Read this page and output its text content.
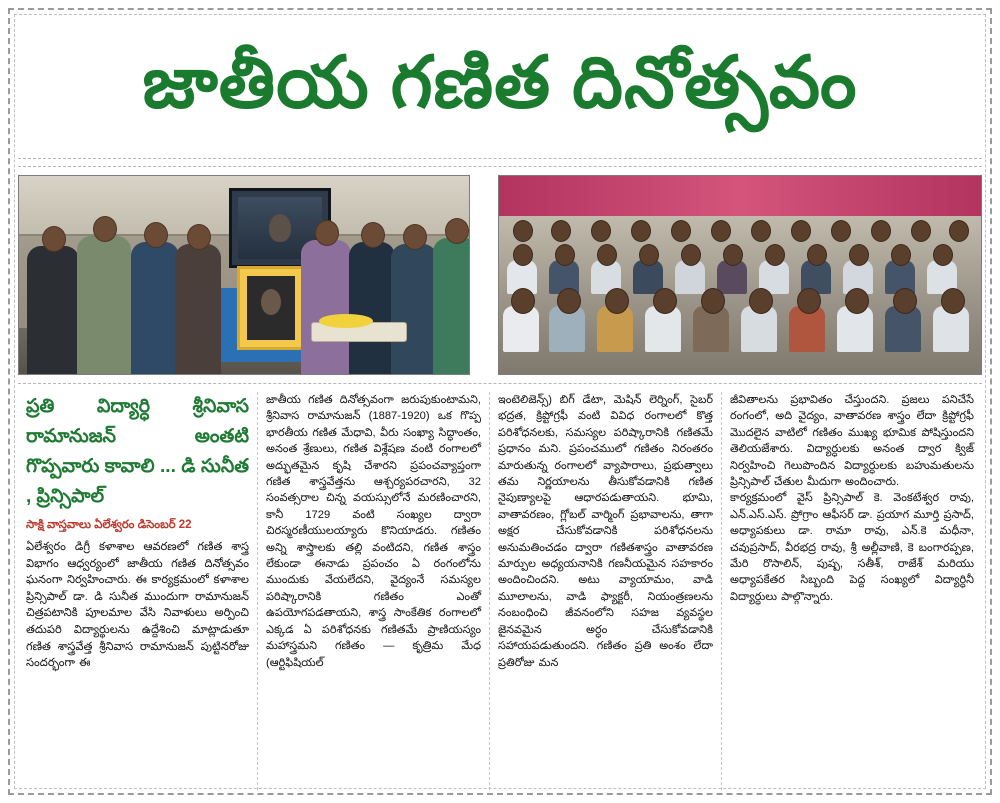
జాతీయ గణిత దినోత్సవం

ప్రతి విద్యార్ధి శ్రీనివాస రామానుజన్ అంతటి గొప్పవారు కావాలి ... డి సునీత , ప్రిన్సిపాల్

సాక్షి వాస్తవాలు ఏలేశ్వరం డిసెంబర్ 22

ఏలేశ్వరం డిగ్రీ కళాశాల ఆవరణలో గణిత శాస్త్ర విభాగం ఆధ్వర్యంలో జాతీయ గణిత దినోత్సవం ఘనంగా నిర్వహించారు. ఈ కార్యక్రమంలో కళాశాల ప్రిన్సిపాల్ డా. డి సునీత ముందుగా రామానుజన్ చిత్రపటానికి పూలమాల వేసి నివాళులు అర్పించి తదుపరి విద్యార్థులను ఉద్దేశించి మాట్లాడుతూ గణిత శాస్త్రవేత్త శ్రీనివాస రామానుజన్ పుట్టినరోజు సందర్భంగా ఈ

జాతీయ గణిత దినోత్సవంగా జరుపుకుంటామని, శ్రీనివాస రామానుజన్ (1887-1920) ఒక గొప్ప భారతీయ గణిత మేధావి, వీరు సంఖ్యా సిద్ధాంతం, అనంత శ్రేణులు, గణిత విశ్లేషణ వంటి రంగాలలో అద్భుతమైన కృషి చేశారని ప్రపంచవ్యాప్తంగా గణిత శాస్త్రవేత్తను ఆశ్చర్యపరచారని, 32 సంవత్సరాల చిన్న వయస్సులోనే మరణించారని, కానీ 1729 వంటి సంఖ్యల ద్వారా చిరస్మరణీయులయ్యారు కొనియాడరు. గణితం అన్ని శాస్త్రాలకు తల్లి వంటిదని, గణిత శాస్త్రం లేకుండా ఈనాడు ప్రపంచం ఏ రంగంలోను ముందుకు వేయలేదని, వైద్యంనే సమస్యల పరిష్కారానికి గణితం ఎంతో ఉపయోగపడతాయని, శాస్త్ర సాంకేతిక రంగాలలో ఎక్కడ ఏ పరిశోధనకు గణితమే ప్రాణియస్యం మహాస్త్రమని గణితం — కృత్రిమ మేధ (ఆర్టిఫిషియల్

ఇంటెలిజెన్స్) బిగ్ డేటా, మెషిన్ లెర్నింగ్, సైబర్ భద్రత, క్రిప్టోగ్రఫీ వంటి వివిధ రంగాలలో కొత్త పరిశోధనలకు, సమస్యల పరిష్కారానికి గణితమే ప్రధానం మని. ప్రపంచములో గణితం నిరంతరం మారుతున్న రంగాలలో వ్యాపారాలు, ప్రభుత్వాలు తమ నిర్ణయాలను తీసుకోవడానికి గణిత నైపుణ్యాలపై ఆధారపడుతాయని. భూమి, వాతావరణం, గ్లోబల్ వార్మింగ్ ప్రభావాలను, తాగా అక్షర చేసుకోవడానికి పరిశోధనలను అనుమతించడం ద్వారా గణితశాస్త్రం వాతావరణ మార్పుల అధ్యయనానికి గణనీయమైన సహకారం అందించిందని. అటు వ్యాయామం, వాడి మూలాలను, వాడి ఫ్యాక్టరీ, నియంత్రణలను నంబంధించి జీవనంలోని సహజ వ్యవస్థల జైనవమైన అర్ధం చేసుకోవడానికి సహాయపడుతుందని. గణితం ప్రతి అంశం లేదా ప్రతిరోజు మన

జీవితాలను ప్రభావితం చేస్తుందని. ప్రజలు పనిచేసే రంగంలో, అది వైద్యం, వాతావరణ శాస్త్రం లేదా క్రిప్టోగ్రఫీ మొదలైన వాటిలో గణితం ముఖ్య భూమిక పోషిస్తుందని తెలియజేశారు. విద్యార్ధులకు అనంత ద్వార క్విజ్ నిర్వహించి గెలుపొందిన విద్యార్ధులకు బహుమతులను ప్రిన్సిపాల్ చేతుల మీదుగా అందించారు.

కార్యక్రమంలో వైస్ ప్రిన్సిపాల్ కె. వెంకటేశ్వర రావు, ఎన్.ఎస్.ఎస్. ప్రోగ్రాం ఆఫీసర్ డా. ప్రయాగ మూర్తి ప్రసాద్, అధ్యాపకులు డా. రామా రావు, ఎన్.కె మధీనా, చవుప్రసాద్, వీరభద్ర రావు, శ్రీ అల్లీవాణి, కె బంగారప్పణ, మేరి రొసాలిన్, పుష్ప, సతీశ్, రాజేశ్ మరియు అధ్యాపకేతర సిబ్బంది పెద్ద సంఖ్యలో విద్యార్ధినీ విద్యార్ధులు పాల్గొన్నారు.
